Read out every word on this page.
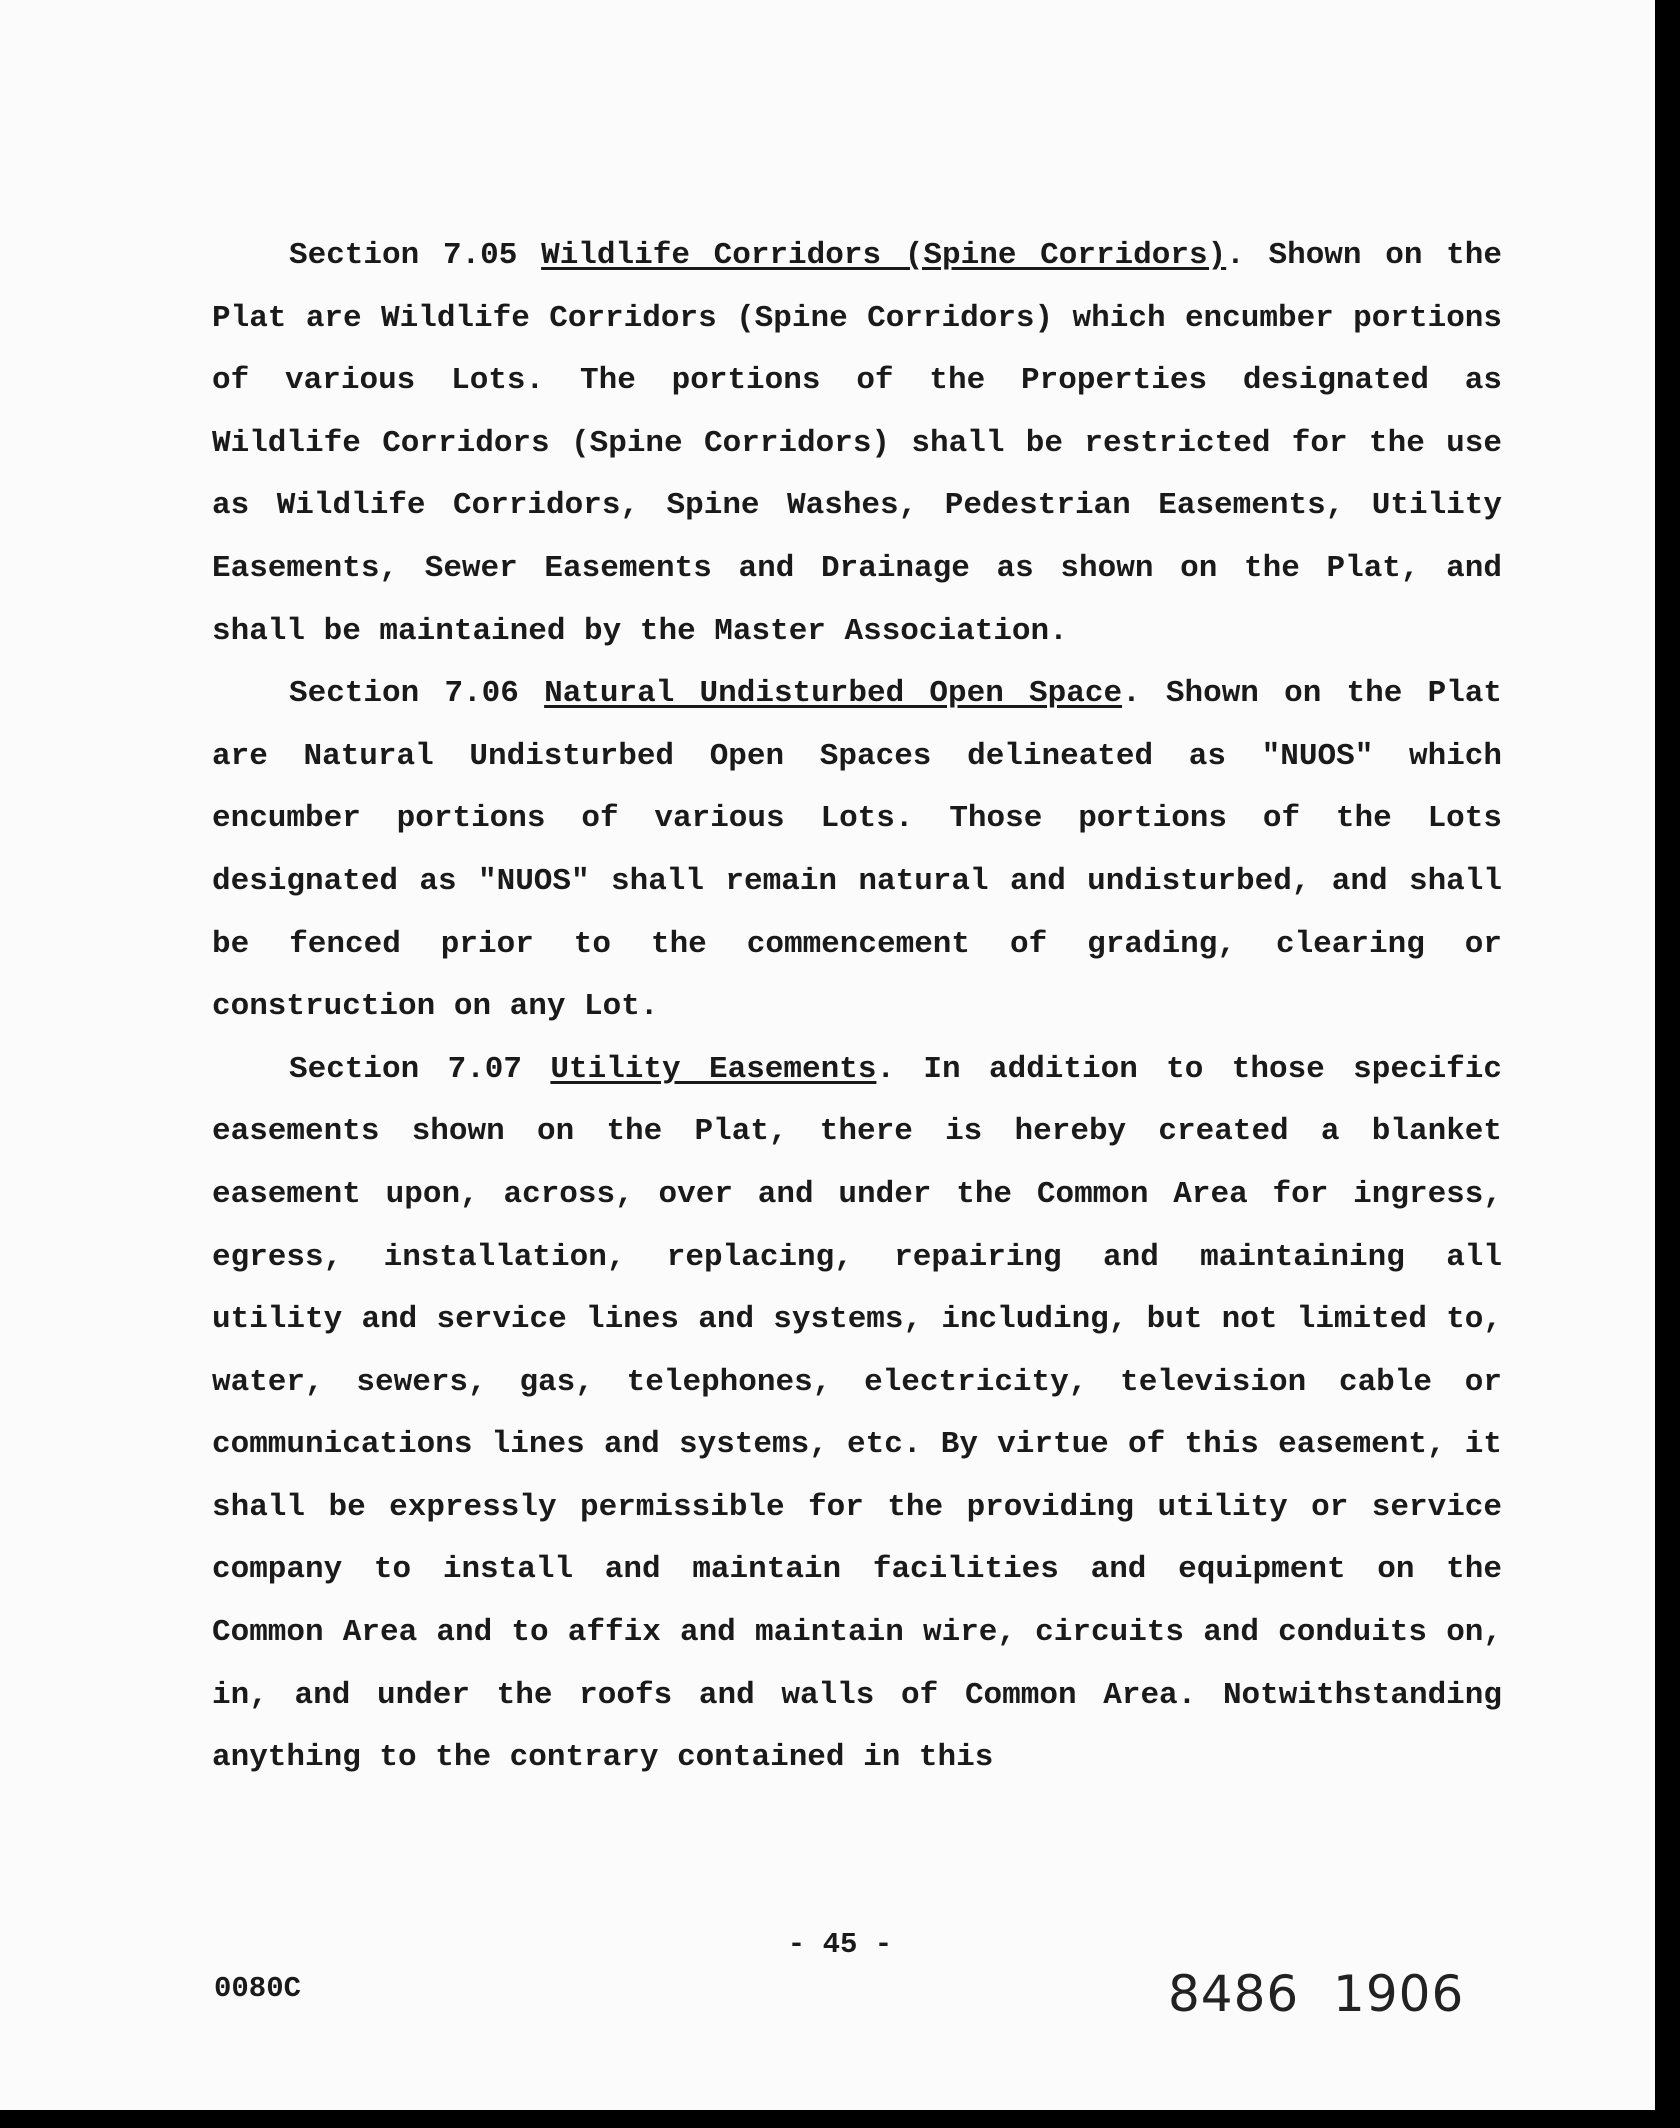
Section 7.05 Wildlife Corridors (Spine Corridors). Shown on the Plat are Wildlife Corridors (Spine Corridors) which encumber portions of various Lots. The portions of the Properties designated as Wildlife Corridors (Spine Corridors) shall be restricted for the use as Wildlife Corridors, Spine Washes, Pedestrian Easements, Utility Easements, Sewer Easements and Drainage as shown on the Plat, and shall be maintained by the Master Association.

Section 7.06 Natural Undisturbed Open Space. Shown on the Plat are Natural Undisturbed Open Spaces delineated as "NUOS" which encumber portions of various Lots. Those portions of the Lots designated as "NUOS" shall remain natural and undisturbed, and shall be fenced prior to the commencement of grading, clearing or construction on any Lot.

Section 7.07 Utility Easements. In addition to those specific easements shown on the Plat, there is hereby created a blanket easement upon, across, over and under the Common Area for ingress, egress, installation, replacing, repairing and maintaining all utility and service lines and systems, including, but not limited to, water, sewers, gas, telephones, electricity, television cable or communications lines and systems, etc. By virtue of this easement, it shall be expressly permissible for the providing utility or service company to install and maintain facilities and equipment on the Common Area and to affix and maintain wire, circuits and conduits on, in, and under the roofs and walls of Common Area. Notwithstanding anything to the contrary contained in this

- 45 -
0080C	8486  1906
